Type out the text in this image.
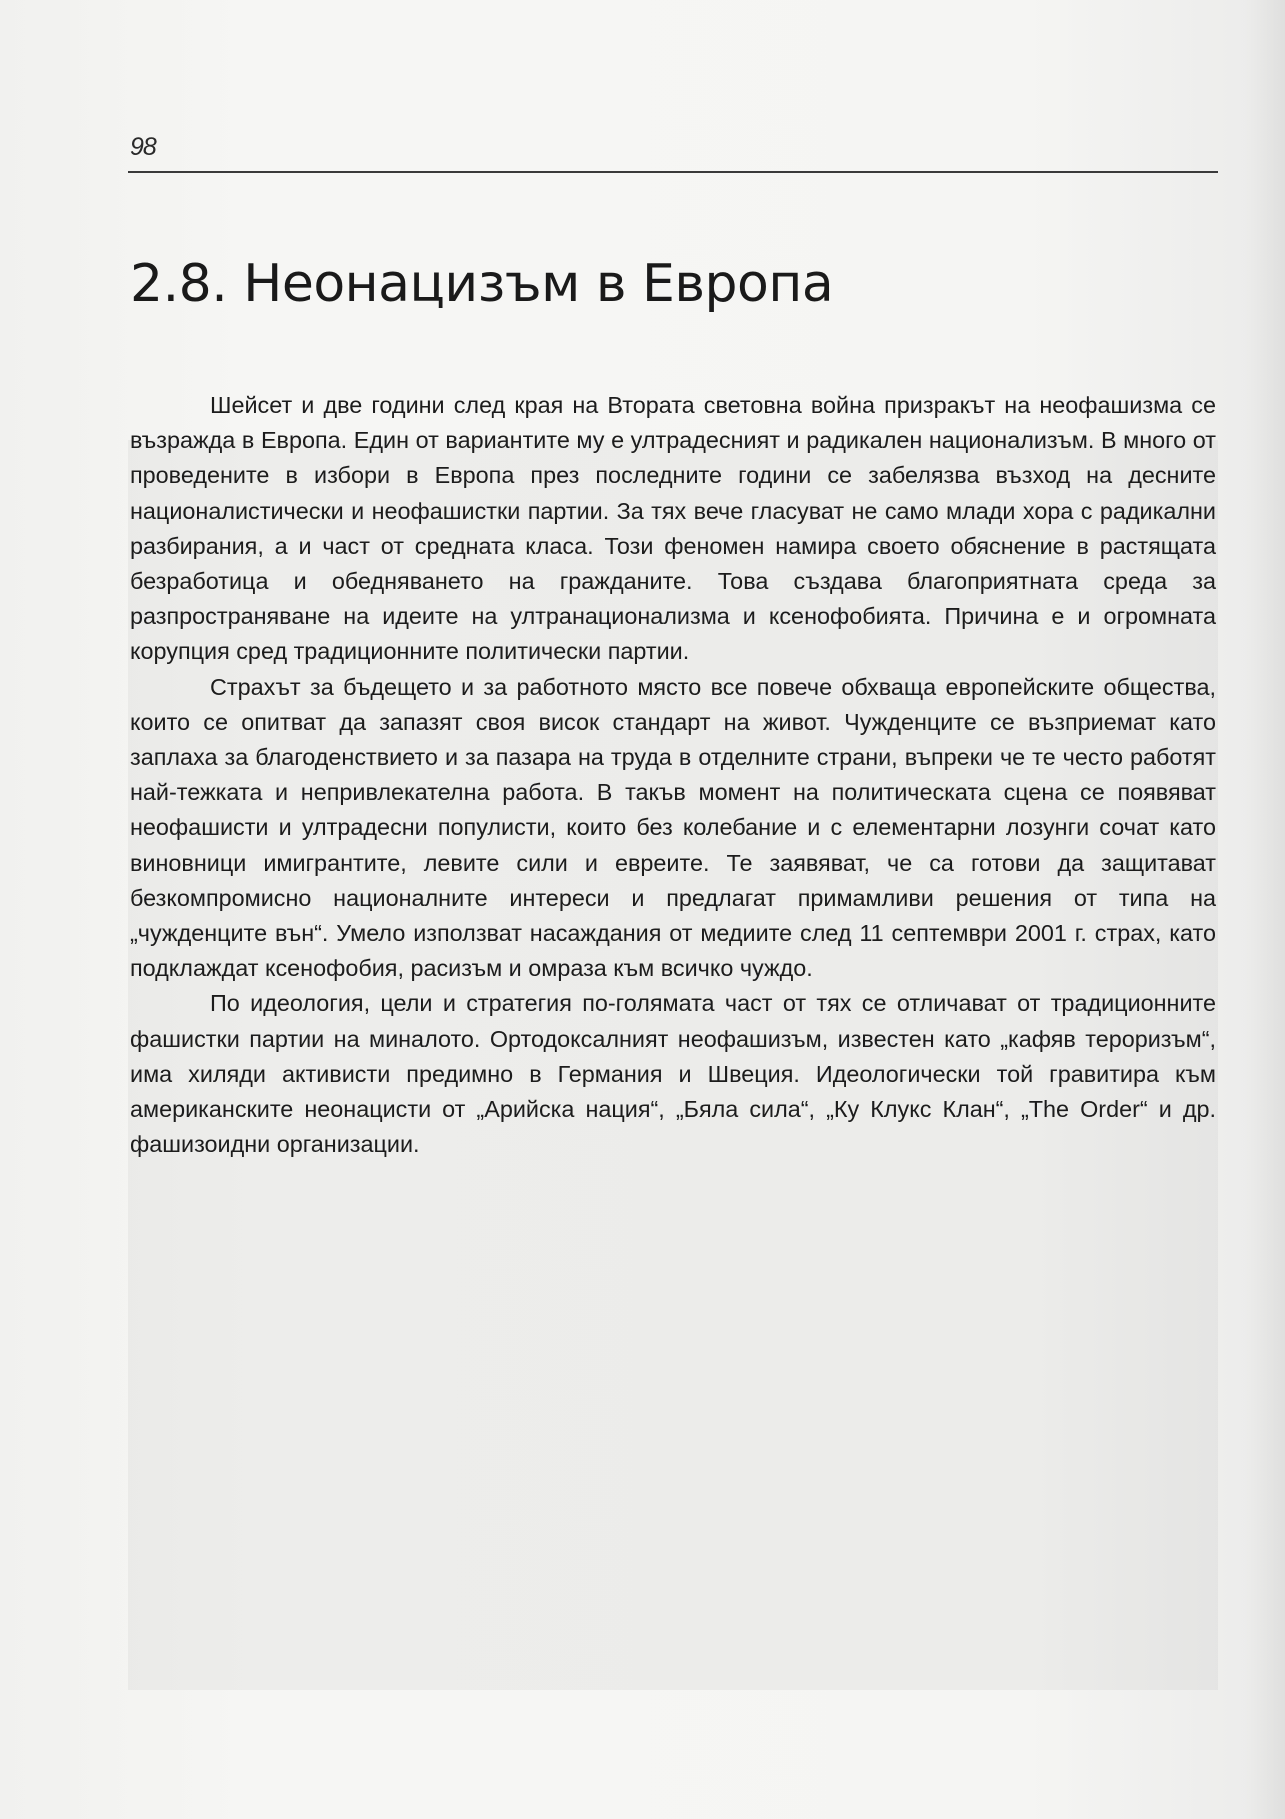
98
2.8. Неонацизъм в Европа

Шейсет и две години след края на Втората световна война призракът на неофашизма се възражда в Европа. Един от вариантите му е ултрадесният и радикален национализъм. В много от проведените в избори в Европа през последните години се забелязва възход на десните националистически и неофашистки партии. За тях вече гласуват не само млади хора с радикални разбирания, а и част от средната класа. Този феномен намира своето обяснение в растящата безработица и обедняването на гражданите. Това създава благоприятната среда за разпространяване на идеите на ултранационализма и ксенофобията. Причина е и огромната корупция сред традиционните политически партии.

Страхът за бъдещето и за работното място все повече обхваща европейските общества, които се опитват да запазят своя висок стандарт на живот. Чужденците се възприемат като заплаха за благоденствието и за пазара на труда в отделните страни, въпреки че те често работят най-тежката и непривлекателна работа. В такъв момент на политическата сцена се появяват неофашисти и ултрадесни популисти, които без колебание и с елементарни лозунги сочат като виновници имигрантите, левите сили и евреите. Те заявяват, че са готови да защитават безкомпромисно националните интереси и предлагат примамливи решения от типа на „чужденците вън“. Умело използват насаждания от медиите след 11 септември 2001 г. страх, като подклаждат ксенофобия, расизъм и омраза към всичко чуждо.

По идеология, цели и стратегия по-голямата част от тях се отличават от традиционните фашистки партии на миналото. Ортодоксалният неофашизъм, известен като „кафяв тероризъм“, има хиляди активисти предимно в Германия и Швеция. Идеологически той гравитира към американските неонацисти от „Арийска нация“, „Бяла сила“, „Ку Клукс Клан“, „The Order“ и др. фашизоидни организации.
